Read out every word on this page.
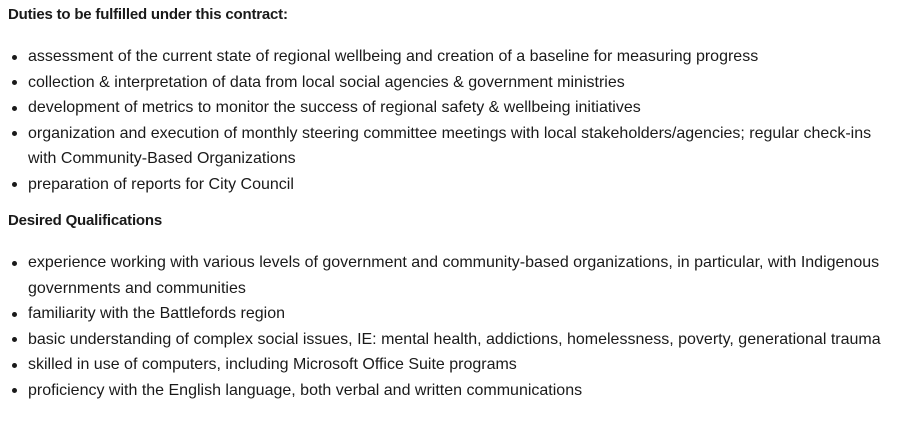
Duties to be fulfilled under this contract:

assessment of the current state of regional wellbeing and creation of a baseline for measuring progress
collection & interpretation of data from local social agencies & government ministries
development of metrics to monitor the success of regional safety & wellbeing initiatives
organization and execution of monthly steering committee meetings with local stakeholders/agencies; regular check-ins with Community-Based Organizations
preparation of reports for City Council

Desired Qualifications

experience working with various levels of government and community-based organizations, in particular, with Indigenous governments and communities
familiarity with the Battlefords region
basic understanding of complex social issues, IE: mental health, addictions, homelessness, poverty, generational trauma
skilled in use of computers, including Microsoft Office Suite programs
proficiency with the English language, both verbal and written communications
